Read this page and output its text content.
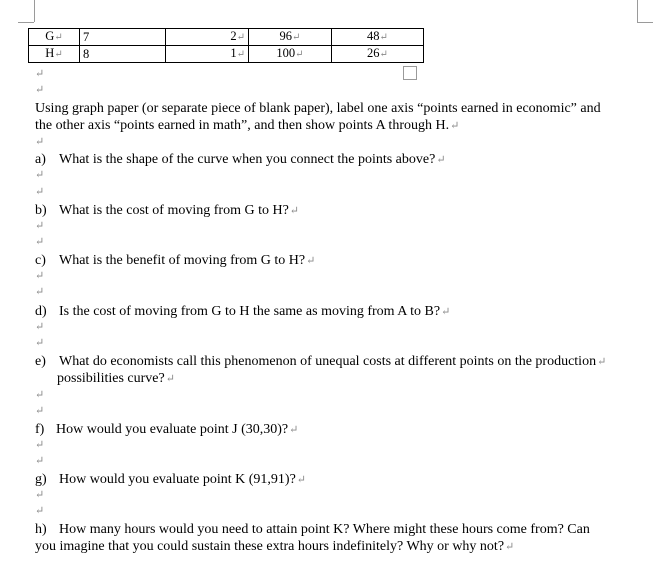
G↵	7	2↵	96↵	48↵
H↵	8	1↵	100↵	26↵
↵
↵
Using graph paper (or separate piece of blank paper), label one axis “points earned in economic” and
the other axis “points earned in math”, and then show points A through H.↵
↵
a) What is the shape of the curve when you connect the points above?↵
↵
↵
b) What is the cost of moving from G to H?↵
↵
↵
c) What is the benefit of moving from G to H?↵
↵
↵
d) Is the cost of moving from G to H the same as moving from A to B?↵
↵
↵
e) What do economists call this phenomenon of unequal costs at different points on the production↵
possibilities curve?↵
↵
↵
f) How would you evaluate point J (30,30)?↵
↵
↵
g) How would you evaluate point K (91,91)?↵
↵
↵
h) How many hours would you need to attain point K? Where might these hours come from? Can
you imagine that you could sustain these extra hours indefinitely? Why or why not?↵
